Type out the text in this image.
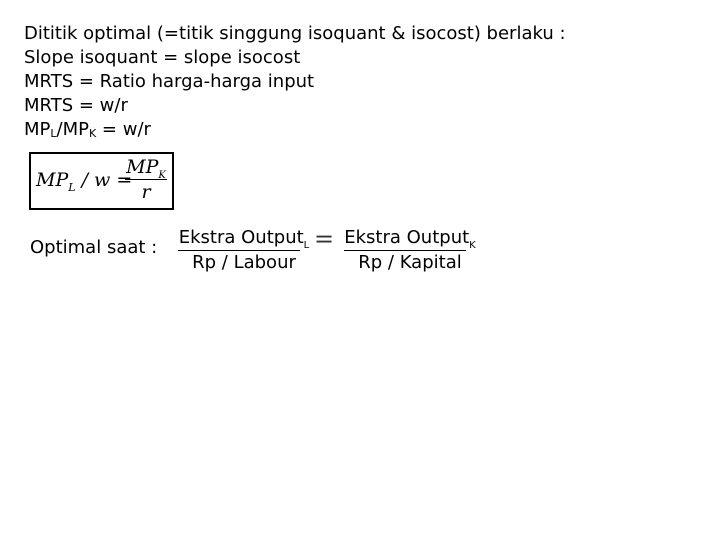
Dititik optimal (=titik singgung isoquant & isocost) berlaku :
Slope isoquant = slope isocost
MRTS = Ratio harga-harga input
MRTS = w/r
$MP_L/MP_K = w/r$
$MP_L$ / w =
$MP_K$
r
Optimal saat : Ekstra Output$_L$
Rp / Labour
= Ekstra Output$_K$
Rp / Kapital
